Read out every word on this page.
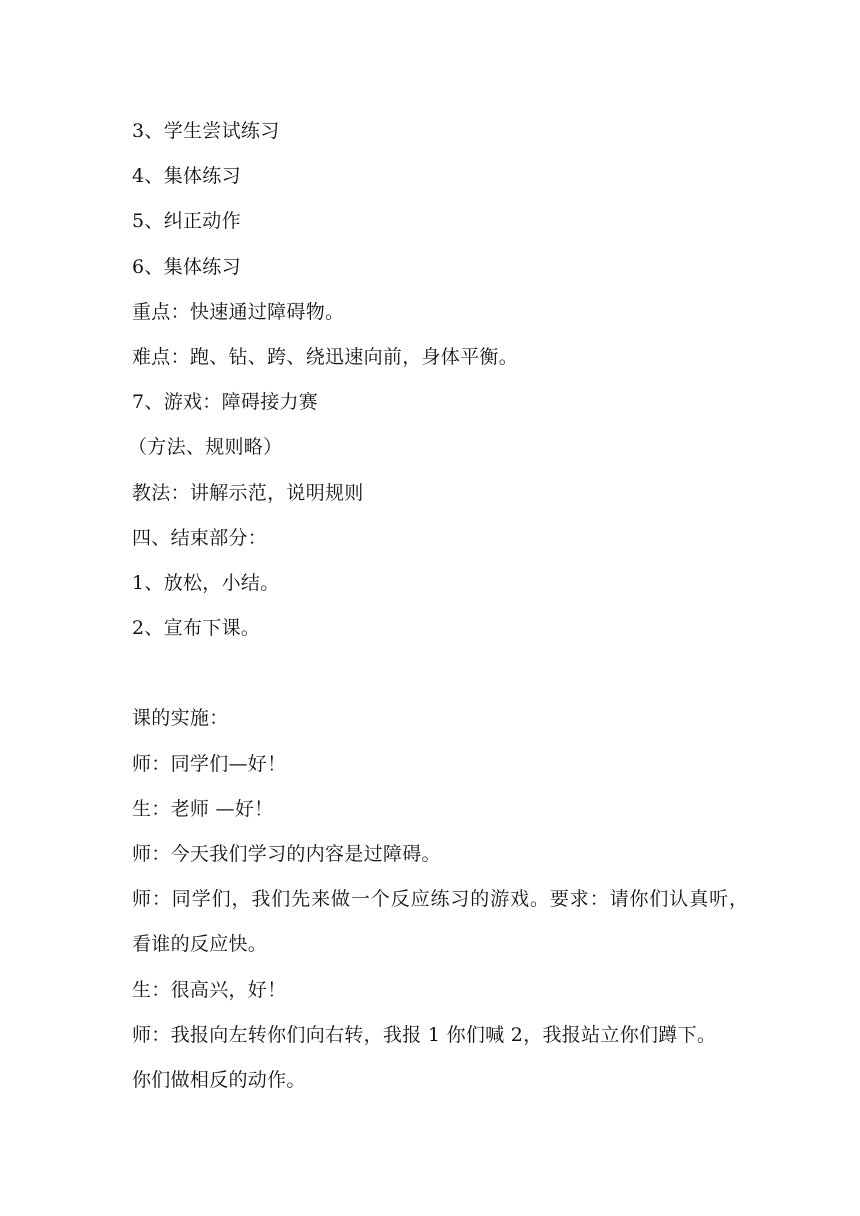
3、学生尝试练习
4、集体练习
5、纠正动作
6、集体练习
重点：快速通过障碍物。
难点：跑、钻、跨、绕迅速向前，身体平衡。
7、游戏：障碍接力赛
（方法、规则略）
教法：讲解示范，说明规则
四、结束部分：
1、放松，小结。
2、宣布下课。
课的实施：
师：同学们—好！
生：老师 —好！
师：今天我们学习的内容是过障碍。
师：同学们，我们先来做一个反应练习的游戏。要求：请你们认真听，
看谁的反应快。
生：很高兴，好！
师：我报向左转你们向右转，我报 1 你们喊 2，我报站立你们蹲下。
你们做相反的动作。
